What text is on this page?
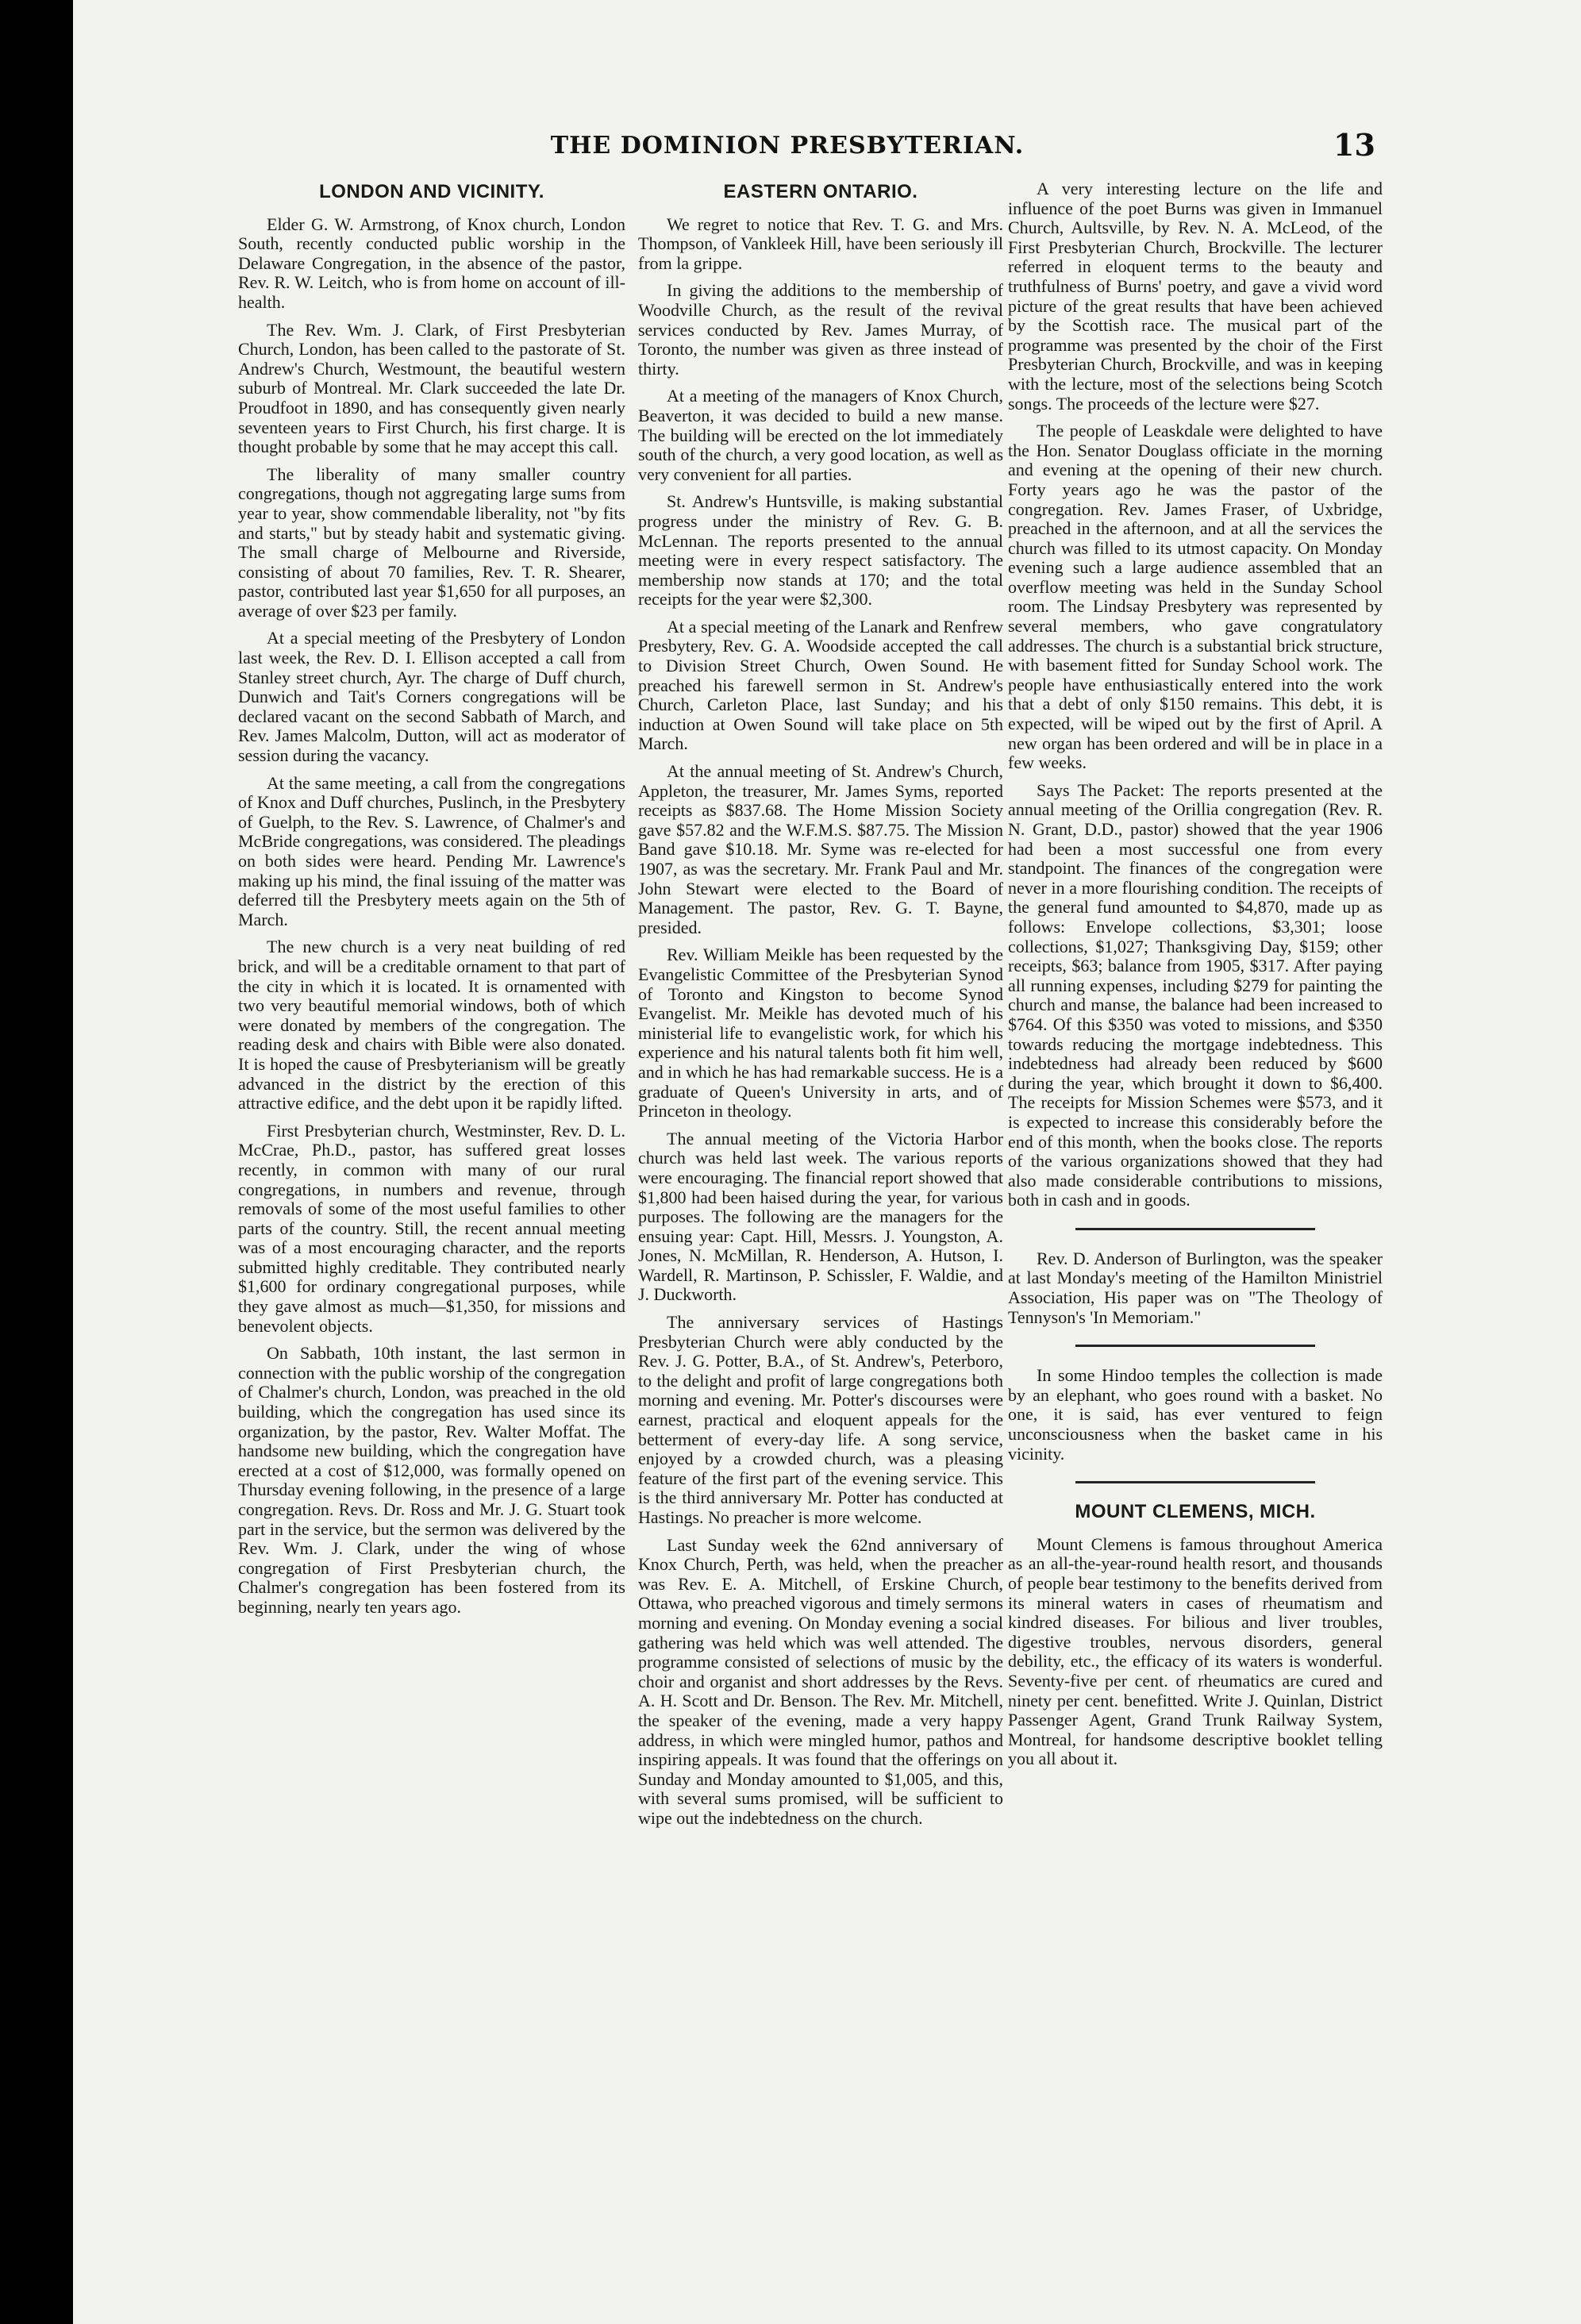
THE DOMINION PRESBYTERIAN.	13
LONDON AND VICINITY.

Elder G. W. Armstrong, of Knox church, London South, recently conducted public worship in the Delaware Congregation, in the absence of the pastor, Rev. R. W. Leitch, who is from home on account of ill-health.

The Rev. Wm. J. Clark, of First Presbyterian Church, London, has been called to the pastorate of St. Andrew's Church, Westmount, the beautiful western suburb of Montreal. Mr. Clark succeeded the late Dr. Proudfoot in 1890, and has consequently given nearly seventeen years to First Church, his first charge. It is thought probable by some that he may accept this call.

The liberality of many smaller country congregations, though not aggregating large sums from year to year, show commendable liberality, not "by fits and starts," but by steady habit and systematic giving. The small charge of Melbourne and Riverside, consisting of about 70 families, Rev. T. R. Shearer, pastor, contributed last year $1,650 for all purposes, an average of over $23 per family.

At a special meeting of the Presbytery of London last week, the Rev. D. I. Ellison accepted a call from Stanley street church, Ayr. The charge of Duff church, Dunwich and Tait's Corners congregations will be declared vacant on the second Sabbath of March, and Rev. James Malcolm, Dutton, will act as moderator of session during the vacancy.

At the same meeting, a call from the congregations of Knox and Duff churches, Puslinch, in the Presbytery of Guelph, to the Rev. S. Lawrence, of Chalmer's and McBride congregations, was considered. The pleadings on both sides were heard. Pending Mr. Lawrence's making up his mind, the final issuing of the matter was deferred till the Presbytery meets again on the 5th of March.

The new church is a very neat building of red brick, and will be a creditable ornament to that part of the city in which it is located. It is ornamented with two very beautiful memorial windows, both of which were donated by members of the congregation. The reading desk and chairs with Bible were also donated. It is hoped the cause of Presbyterianism will be greatly advanced in the district by the erection of this attractive edifice, and the debt upon it be rapidly lifted.

First Presbyterian church, Westminster, Rev. D. L. McCrae, Ph.D., pastor, has suffered great losses recently, in common with many of our rural congregations, in numbers and revenue, through removals of some of the most useful families to other parts of the country. Still, the recent annual meeting was of a most encouraging character, and the reports submitted highly creditable. They contributed nearly $1,600 for ordinary congregational purposes, while they gave almost as much—$1,350, for missions and benevolent objects.

On Sabbath, 10th instant, the last sermon in connection with the public worship of the congregation of Chalmer's church, London, was preached in the old building, which the congregation has used since its organization, by the pastor, Rev. Walter Moffat. The handsome new building, which the congregation have erected at a cost of $12,000, was formally opened on Thursday evening following, in the presence of a large congregation. Revs. Dr. Ross and Mr. J. G. Stuart took part in the service, but the sermon was delivered by the Rev. Wm. J. Clark, under the wing of whose congregation of First Presbyterian church, the Chalmer's congregation has been fostered from its beginning, nearly ten years ago.

EASTERN ONTARIO.

We regret to notice that Rev. T. G. and Mrs. Thompson, of Vankleek Hill, have been seriously ill from la grippe.

In giving the additions to the membership of Woodville Church, as the result of the revival services conducted by Rev. James Murray, of Toronto, the number was given as three instead of thirty.

At a meeting of the managers of Knox Church, Beaverton, it was decided to build a new manse. The building will be erected on the lot immediately south of the church, a very good location, as well as very convenient for all parties.

St. Andrew's Huntsville, is making substantial progress under the ministry of Rev. G. B. McLennan. The reports presented to the annual meeting were in every respect satisfactory. The membership now stands at 170; and the total receipts for the year were $2,300.

At a special meeting of the Lanark and Renfrew Presbytery, Rev. G. A. Woodside accepted the call to Division Street Church, Owen Sound. He preached his farewell sermon in St. Andrew's Church, Carleton Place, last Sunday; and his induction at Owen Sound will take place on 5th March.

At the annual meeting of St. Andrew's Church, Appleton, the treasurer, Mr. James Syms, reported receipts as $837.68. The Home Mission Society gave $57.82 and the W.F.M.S. $87.75. The Mission Band gave $10.18. Mr. Syme was re-elected for 1907, as was the secretary. Mr. Frank Paul and Mr. John Stewart were elected to the Board of Management. The pastor, Rev. G. T. Bayne, presided.

Rev. William Meikle has been requested by the Evangelistic Committee of the Presbyterian Synod of Toronto and Kingston to become Synod Evangelist. Mr. Meikle has devoted much of his ministerial life to evangelistic work, for which his experience and his natural talents both fit him well, and in which he has had remarkable success. He is a graduate of Queen's University in arts, and of Princeton in theology.

The annual meeting of the Victoria Harbor church was held last week. The various reports were encouraging. The financial report showed that $1,800 had been haised during the year, for various purposes. The following are the managers for the ensuing year: Capt. Hill, Messrs. J. Youngston, A. Jones, N. McMillan, R. Henderson, A. Hutson, I. Wardell, R. Martinson, P. Schissler, F. Waldie, and J. Duckworth.

The anniversary services of Hastings Presbyterian Church were ably conducted by the Rev. J. G. Potter, B.A., of St. Andrew's, Peterboro, to the delight and profit of large congregations both morning and evening. Mr. Potter's discourses were earnest, practical and eloquent appeals for the betterment of every-day life. A song service, enjoyed by a crowded church, was a pleasing feature of the first part of the evening service. This is the third anniversary Mr. Potter has conducted at Hastings. No preacher is more welcome.

Last Sunday week the 62nd anniversary of Knox Church, Perth, was held, when the preacher was Rev. E. A. Mitchell, of Erskine Church, Ottawa, who preached vigorous and timely sermons morning and evening. On Monday evening a social gathering was held which was well attended. The programme consisted of selections of music by the choir and organist and short addresses by the Revs. A. H. Scott and Dr. Benson. The Rev. Mr. Mitchell, the speaker of the evening, made a very happy address, in which were mingled humor, pathos and inspiring appeals. It was found that the offerings on Sunday and Monday amounted to $1,005, and this, with several sums promised, will be sufficient to wipe out the indebtedness on the church.

A very interesting lecture on the life and influence of the poet Burns was given in Immanuel Church, Aultsville, by Rev. N. A. McLeod, of the First Presbyterian Church, Brockville. The lecturer referred in eloquent terms to the beauty and truthfulness of Burns' poetry, and gave a vivid word picture of the great results that have been achieved by the Scottish race. The musical part of the programme was presented by the choir of the First Presbyterian Church, Brockville, and was in keeping with the lecture, most of the selections being Scotch songs. The proceeds of the lecture were $27.

The people of Leaskdale were delighted to have the Hon. Senator Douglass officiate in the morning and evening at the opening of their new church. Forty years ago he was the pastor of the congregation. Rev. James Fraser, of Uxbridge, preached in the afternoon, and at all the services the church was filled to its utmost capacity. On Monday evening such a large audience assembled that an overflow meeting was held in the Sunday School room. The Lindsay Presbytery was represented by several members, who gave congratulatory addresses. The church is a substantial brick structure, with basement fitted for Sunday School work. The people have enthusiastically entered into the work that a debt of only $150 remains. This debt, it is expected, will be wiped out by the first of April. A new organ has been ordered and will be in place in a few weeks.

Says The Packet: The reports presented at the annual meeting of the Orillia congregation (Rev. R. N. Grant, D.D., pastor) showed that the year 1906 had been a most successful one from every standpoint. The finances of the congregation were never in a more flourishing condition. The receipts of the general fund amounted to $4,870, made up as follows: Envelope collections, $3,301; loose collections, $1,027; Thanksgiving Day, $159; other receipts, $63; balance from 1905, $317. After paying all running expenses, including $279 for painting the church and manse, the balance had been increased to $764. Of this $350 was voted to missions, and $350 towards reducing the mortgage indebtedness. This indebtedness had already been reduced by $600 during the year, which brought it down to $6,400. The receipts for Mission Schemes were $573, and it is expected to increase this considerably before the end of this month, when the books close. The reports of the various organizations showed that they had also made considerable contributions to missions, both in cash and in goods.

Rev. D. Anderson of Burlington, was the speaker at last Monday's meeting of the Hamilton Ministriel Association, His paper was on "The Theology of Tennyson's 'In Memoriam."

In some Hindoo temples the collection is made by an elephant, who goes round with a basket. No one, it is said, has ever ventured to feign unconsciousness when the basket came in his vicinity.

MOUNT CLEMENS, MICH.

Mount Clemens is famous throughout America as an all-the-year-round health resort, and thousands of people bear testimony to the benefits derived from its mineral waters in cases of rheumatism and kindred diseases. For bilious and liver troubles, digestive troubles, nervous disorders, general debility, etc., the efficacy of its waters is wonderful. Seventy-five per cent. of rheumatics are cured and ninety per cent. benefitted. Write J. Quinlan, District Passenger Agent, Grand Trunk Railway System, Montreal, for handsome descriptive booklet telling you all about it.
